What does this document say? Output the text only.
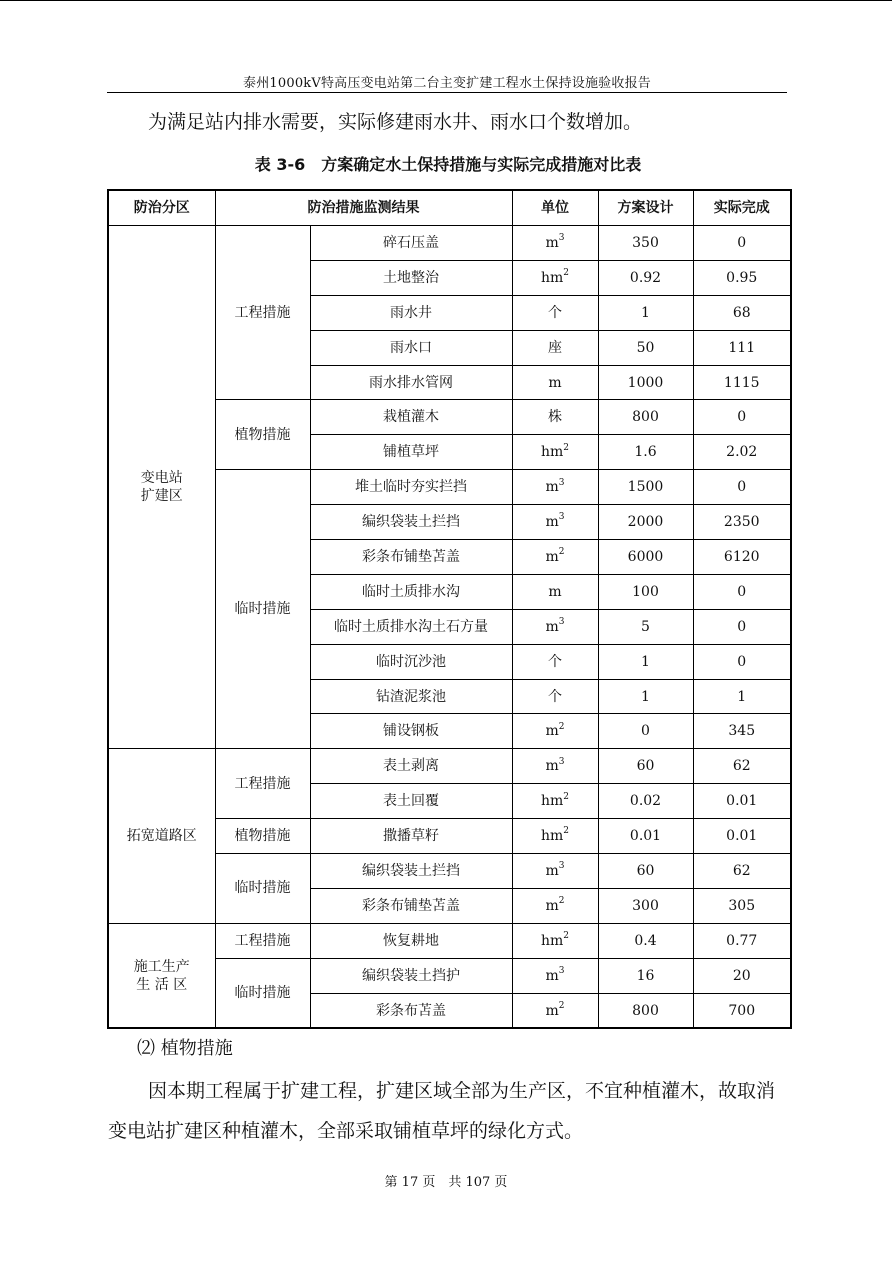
泰州1000kV特高压变电站第二台主变扩建工程水土保持设施验收报告
为满足站内排水需要，实际修建雨水井、雨水口个数增加。
表 3-6　方案确定水土保持措施与实际完成措施对比表
防治分区	防治措施监测结果		单位	方案设计	实际完成
变电站
扩建区	工程措施	碎石压盖	$m^3$	350	0
		土地整治	$hm^2$	0.92	0.95
		雨水井	个	1	68
		雨水口	座	50	111
		雨水排水管网	m	1000	1115
	植物措施	栽植灌木	株	800	0
		铺植草坪	$hm^2$	1.6	2.02
	临时措施	堆土临时夯实拦挡	$m^3$	1500	0
		编织袋装土拦挡	$m^3$	2000	2350
		彩条布铺垫苫盖	$m^2$	6000	6120
		临时土质排水沟	m	100	0
		临时土质排水沟土石方量	$m^3$	5	0
		临时沉沙池	个	1	0
		钻渣泥浆池	个	1	1
		铺设钢板	$m^2$	0	345
拓宽道路区	工程措施	表土剥离	$m^3$	60	62
		表土回覆	$hm^2$	0.02	0.01
	植物措施	撒播草籽	$hm^2$	0.01	0.01
	临时措施	编织袋装土拦挡	$m^3$	60	62
		彩条布铺垫苫盖	$m^2$	300	305
施工生产
生 活 区	工程措施	恢复耕地	$hm^2$	0.4	0.77
	临时措施	编织袋装土挡护	$m^3$	16	20
		彩条布苫盖	$m^2$	800	700
⑵ 植物措施
因本期工程属于扩建工程，扩建区域全部为生产区，不宜种植灌木，故取消变电站扩建区种植灌木，全部采取铺植草坪的绿化方式。
第 17 页　共 107 页
